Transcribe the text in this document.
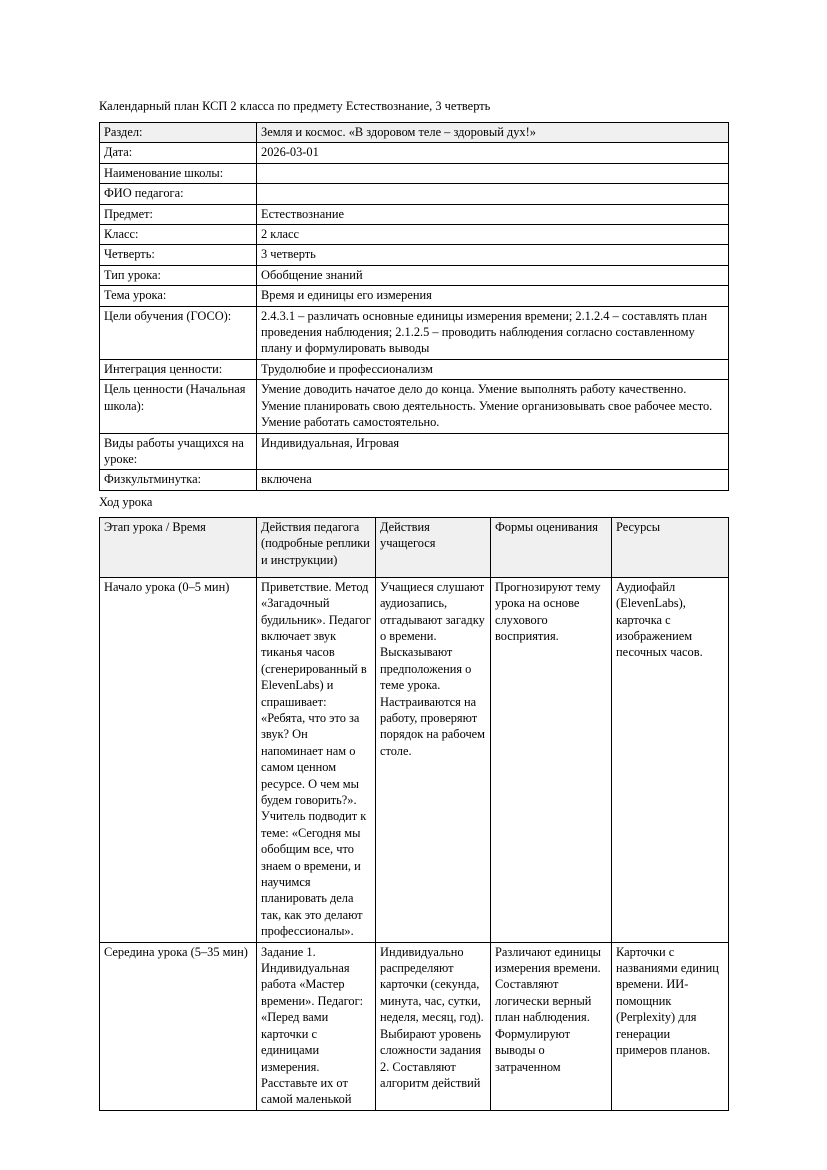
Календарный план КСП 2 класса по предмету Естествознание, 3 четверть

Раздел:	Земля и космос. «В здоровом теле – здоровый дух!»
Дата:	2026-03-01
Наименование школы:	
ФИО педагога:	
Предмет:	Естествознание
Класс:	2 класс
Четверть:	3 четверть
Тип урока:	Обобщение знаний
Тема урока:	Время и единицы его измерения
Цели обучения (ГОСО):	2.4.3.1 – различать основные единицы измерения времени; 2.1.2.4 – составлять план проведения наблюдения; 2.1.2.5 – проводить наблюдения согласно составленному плану и формулировать выводы
Интеграция ценности:	Трудолюбие и профессионализм
Цель ценности (Начальная школа):	Умение доводить начатое дело до конца. Умение выполнять работу качественно. Умение планировать свою деятельность. Умение организовывать свое рабочее место. Умение работать самостоятельно.
Виды работы учащихся на уроке:	Индивидуальная, Игровая
Физкультминутка:	включена

Ход урока

Этап урока / Время	Действия педагога (подробные реплики и инструкции)	Действия учащегося	Формы оценивания	Ресурсы
Начало урока (0–5 мин)	Приветствие. Метод «Загадочный будильник». Педагог включает звук тиканья часов (сгенерированный в ElevenLabs) и спрашивает: «Ребята, что это за звук? Он напоминает нам о самом ценном ресурсе. О чем мы будем говорить?». Учитель подводит к теме: «Сегодня мы обобщим все, что знаем о времени, и научимся планировать дела так, как это делают профессионалы».	Учащиеся слушают аудиозапись, отгадывают загадку о времени. Высказывают предположения о теме урока. Настраиваются на работу, проверяют порядок на рабочем столе.	Прогнозируют тему урока на основе слухового восприятия.	Аудиофайл (ElevenLabs), карточка с изображением песочных часов.
Середина урока (5–35 мин)	Задание 1. Индивидуальная работа «Мастер времени». Педагог: «Перед вами карточки с единицами измерения. Расставьте их от самой маленькой	Индивидуально распределяют карточки (секунда, минута, час, сутки, неделя, месяц, год). Выбирают уровень сложности задания 2. Составляют алгоритм действий	Различают единицы измерения времени. Составляют логически верный план наблюдения. Формулируют выводы о затраченном	Карточки с названиями единиц времени. ИИ-помощник (Perplexity) для генерации примеров планов.
